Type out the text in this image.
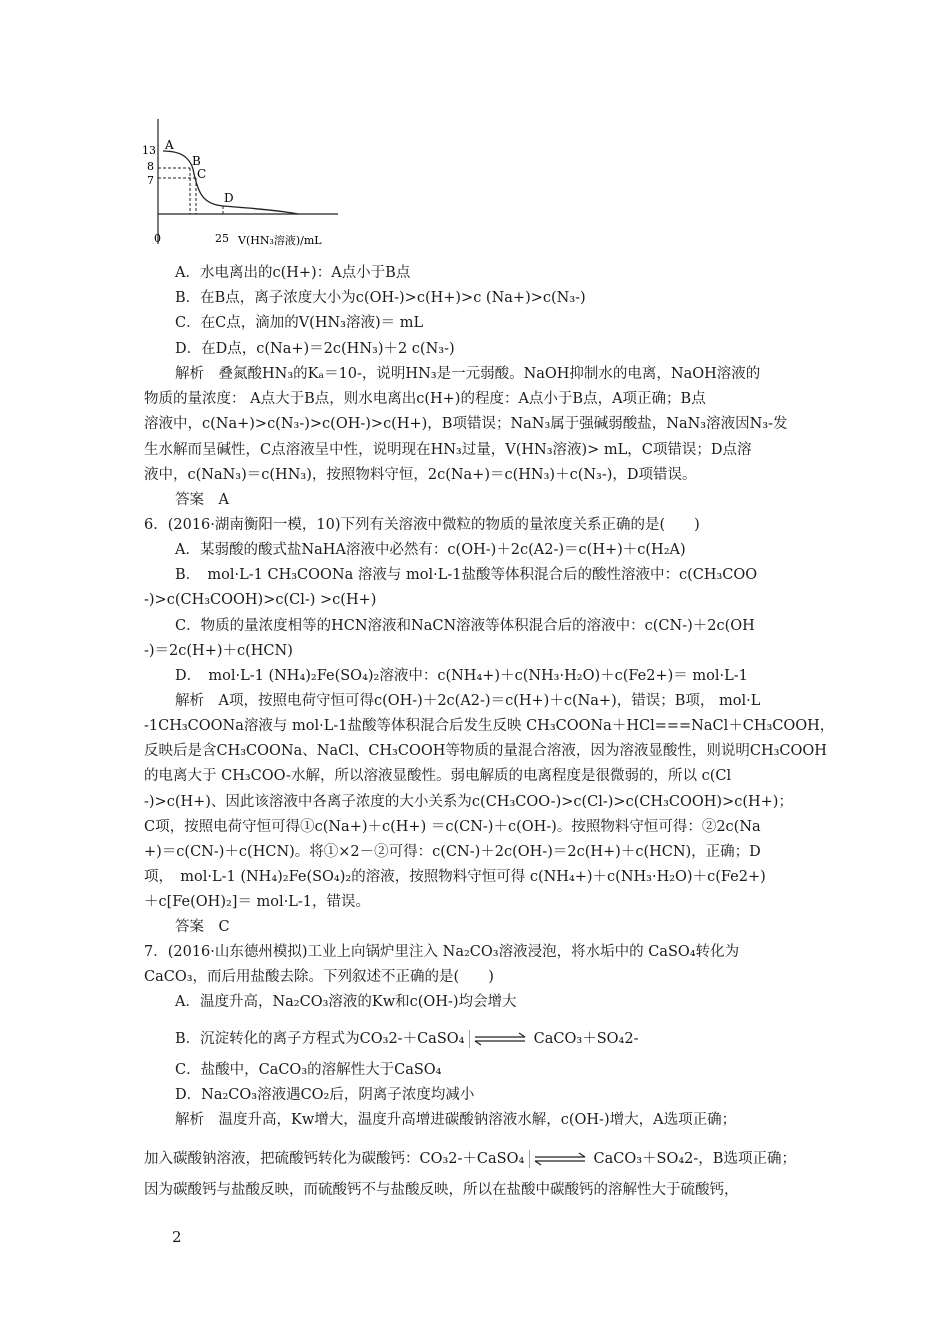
13
8
7
0	25 V(HN₃溶液)/mL
A
B
C
D
A．水电离出的c(H+)：A点小于B点
B．在B点，离子浓度大小为c(OH-)>c(H+)>c (Na+)>c(N₃-)
C．在C点，滴加的V(HN₃溶液)＝ mL
D．在D点，c(Na+)＝2c(HN₃)＋2 c(N₃-)
解析　叠氮酸HN₃的Kₐ＝10-，说明HN₃是一元弱酸。NaOH抑制水的电离，NaOH溶液的
物质的量浓度： A点大于B点，则水电离出c(H+)的程度：A点小于B点，A项正确；B点
溶液中，c(Na+)>c(N₃-)>c(OH-)>c(H+)，B项错误；NaN₃属于强碱弱酸盐，NaN₃溶液因N₃-发
生水解而呈碱性，C点溶液呈中性，说明现在HN₃过量，V(HN₃溶液)> mL，C项错误；D点溶
液中，c(NaN₃)＝c(HN₃)，按照物料守恒，2c(Na+)＝c(HN₃)＋c(N₃-)，D项错误。
答案　A
6．(2016·湖南衡阳一模，10)下列有关溶液中微粒的物质的量浓度关系正确的是(　　)
A．某弱酸的酸式盐NaHA溶液中必然有：c(OH-)＋2c(A2-)＝c(H+)＋c(H₂A)
B．　mol·L-1 CH₃COONa 溶液与 mol·L-1盐酸等体积混合后的酸性溶液中：c(CH₃COO
-)>c(CH₃COOH)>c(Cl-) >c(H+)
C．物质的量浓度相等的HCN溶液和NaCN溶液等体积混合后的溶液中：c(CN-)＋2c(OH
-)＝2c(H+)＋c(HCN)
D．　mol·L-1 (NH₄)₂Fe(SO₄)₂溶液中：c(NH₄+)＋c(NH₃·H₂O)＋c(Fe2+)＝ mol·L-1
解析　A项，按照电荷守恒可得c(OH-)＋2c(A2-)＝c(H+)＋c(Na+)，错误；B项， mol·L
-1CH₃COONa溶液与 mol·L-1盐酸等体积混合后发生反映 CH₃COONa＋HCl===NaCl＋CH₃COOH，
反映后是含CH₃COONa、NaCl、CH₃COOH等物质的量混合溶液，因为溶液显酸性，则说明CH₃COOH
的电离大于 CH₃COO-水解，所以溶液显酸性。弱电解质的电离程度是很微弱的，所以 c(Cl
-)>c(H+)、因此该溶液中各离子浓度的大小关系为c(CH₃COO-)>c(Cl-)>c(CH₃COOH)>c(H+)；
C项，按照电荷守恒可得①c(Na+)＋c(H+) ＝c(CN-)＋c(OH-)。按照物料守恒可得：②2c(Na
+)＝c(CN-)＋c(HCN)。将①×2－②可得：c(CN-)＋2c(OH-)＝2c(H+)＋c(HCN)，正确；D
项，　mol·L-1 (NH₄)₂Fe(SO₄)₂的溶液，按照物料守恒可得 c(NH₄+)＋c(NH₃·H₂O)＋c(Fe2+)
＋c[Fe(OH)₂]＝ mol·L-1，错误。
答案　C
7．(2016·山东德州模拟)工业上向锅炉里注入 Na₂CO₃溶液浸泡，将水垢中的 CaSO₄转化为
CaCO₃，而后用盐酸去除。下列叙述不正确的是(　　)
A．温度升高，Na₂CO₃溶液的Kw和c(OH-)均会增大
B．沉淀转化的离子方程式为CO₃2-＋CaSO₄	CaCO₃＋SO₄2-
C．盐酸中，CaCO₃的溶解性大于CaSO₄
D．Na₂CO₃溶液遇CO₂后，阴离子浓度均减小
解析　温度升高，Kw增大，温度升高增进碳酸钠溶液水解，c(OH-)增大，A选项正确；
加入碳酸钠溶液，把硫酸钙转化为碳酸钙：CO₃2-＋CaSO₄	CaCO₃＋SO₄2-，B选项正确；
因为碳酸钙与盐酸反映，而硫酸钙不与盐酸反映，所以在盐酸中碳酸钙的溶解性大于硫酸钙，
2
